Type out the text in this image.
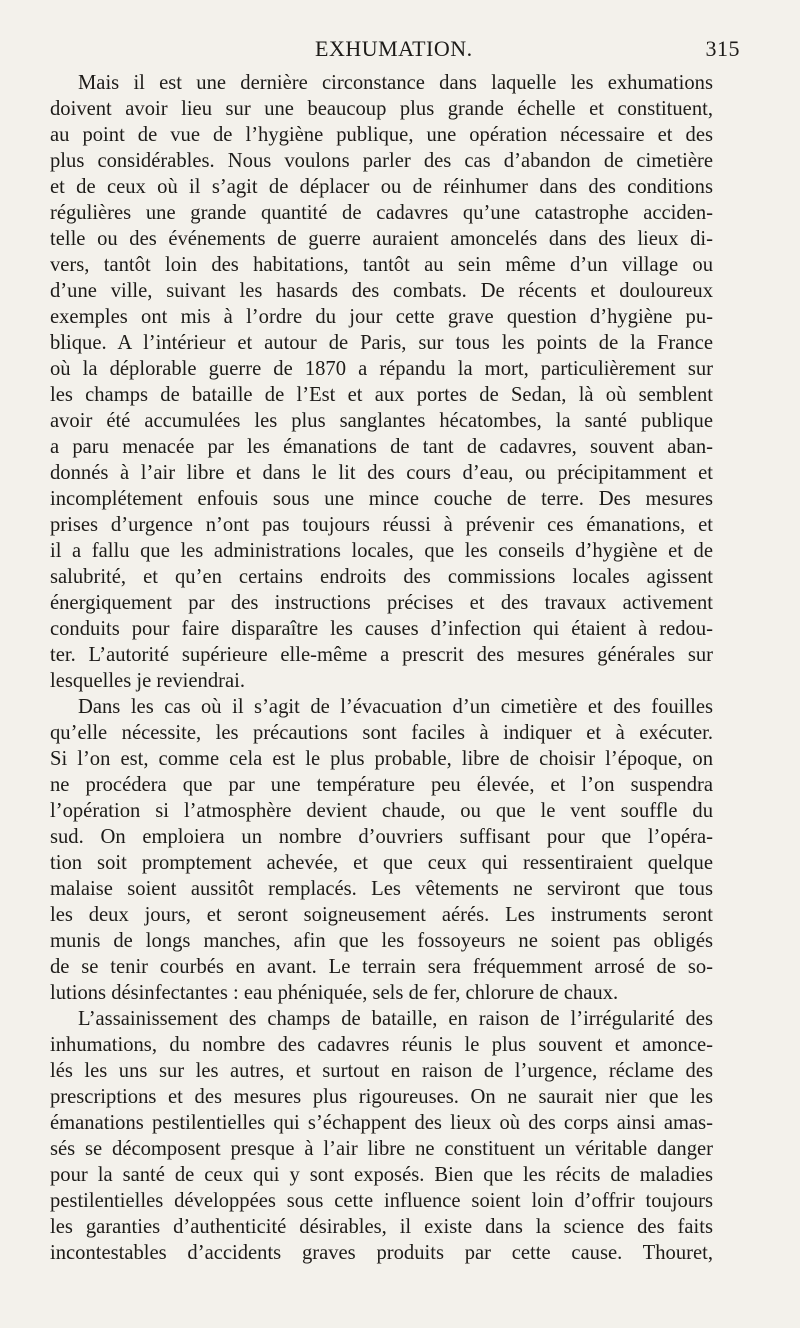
EXHUMATION.	315
Mais il est une dernière circonstance dans laquelle les exhumations
doivent avoir lieu sur une beaucoup plus grande échelle et constituent,
au point de vue de l’hygiène publique, une opération nécessaire et des
plus considérables. Nous voulons parler des cas d’abandon de cimetière
et de ceux où il s’agit de déplacer ou de réinhumer dans des conditions
régulières une grande quantité de cadavres qu’une catastrophe acciden-
telle ou des événements de guerre auraient amoncelés dans des lieux di-
vers, tantôt loin des habitations, tantôt au sein même d’un village ou
d’une ville, suivant les hasards des combats. De récents et douloureux
exemples ont mis à l’ordre du jour cette grave question d’hygiène pu-
blique. A l’intérieur et autour de Paris, sur tous les points de la France
où la déplorable guerre de 1870 a répandu la mort, particulièrement sur
les champs de bataille de l’Est et aux portes de Sedan, là où semblent
avoir été accumulées les plus sanglantes hécatombes, la santé publique
a paru menacée par les émanations de tant de cadavres, souvent aban-
donnés à l’air libre et dans le lit des cours d’eau, ou précipitamment et
incomplétement enfouis sous une mince couche de terre. Des mesures
prises d’urgence n’ont pas toujours réussi à prévenir ces émanations, et
il a fallu que les administrations locales, que les conseils d’hygiène et de
salubrité, et qu’en certains endroits des commissions locales agissent
énergiquement par des instructions précises et des travaux activement
conduits pour faire disparaître les causes d’infection qui étaient à redou-
ter. L’autorité supérieure elle-même a prescrit des mesures générales sur
lesquelles je reviendrai.
Dans les cas où il s’agit de l’évacuation d’un cimetière et des fouilles
qu’elle nécessite, les précautions sont faciles à indiquer et à exécuter.
Si l’on est, comme cela est le plus probable, libre de choisir l’époque, on
ne procédera que par une température peu élevée, et l’on suspendra
l’opération si l’atmosphère devient chaude, ou que le vent souffle du
sud. On emploiera un nombre d’ouvriers suffisant pour que l’opéra-
tion soit promptement achevée, et que ceux qui ressentiraient quelque
malaise soient aussitôt remplacés. Les vêtements ne serviront que tous
les deux jours, et seront soigneusement aérés. Les instruments seront
munis de longs manches, afin que les fossoyeurs ne soient pas obligés
de se tenir courbés en avant. Le terrain sera fréquemment arrosé de so-
lutions désinfectantes : eau phéniquée, sels de fer, chlorure de chaux.
L’assainissement des champs de bataille, en raison de l’irrégularité des
inhumations, du nombre des cadavres réunis le plus souvent et amonce-
lés les uns sur les autres, et surtout en raison de l’urgence, réclame des
prescriptions et des mesures plus rigoureuses. On ne saurait nier que les
émanations pestilentielles qui s’échappent des lieux où des corps ainsi amas-
sés se décomposent presque à l’air libre ne constituent un véritable danger
pour la santé de ceux qui y sont exposés. Bien que les récits de maladies
pestilentielles développées sous cette influence soient loin d’offrir toujours
les garanties d’authenticité désirables, il existe dans la science des faits
incontestables d’accidents graves produits par cette cause. Thouret,
